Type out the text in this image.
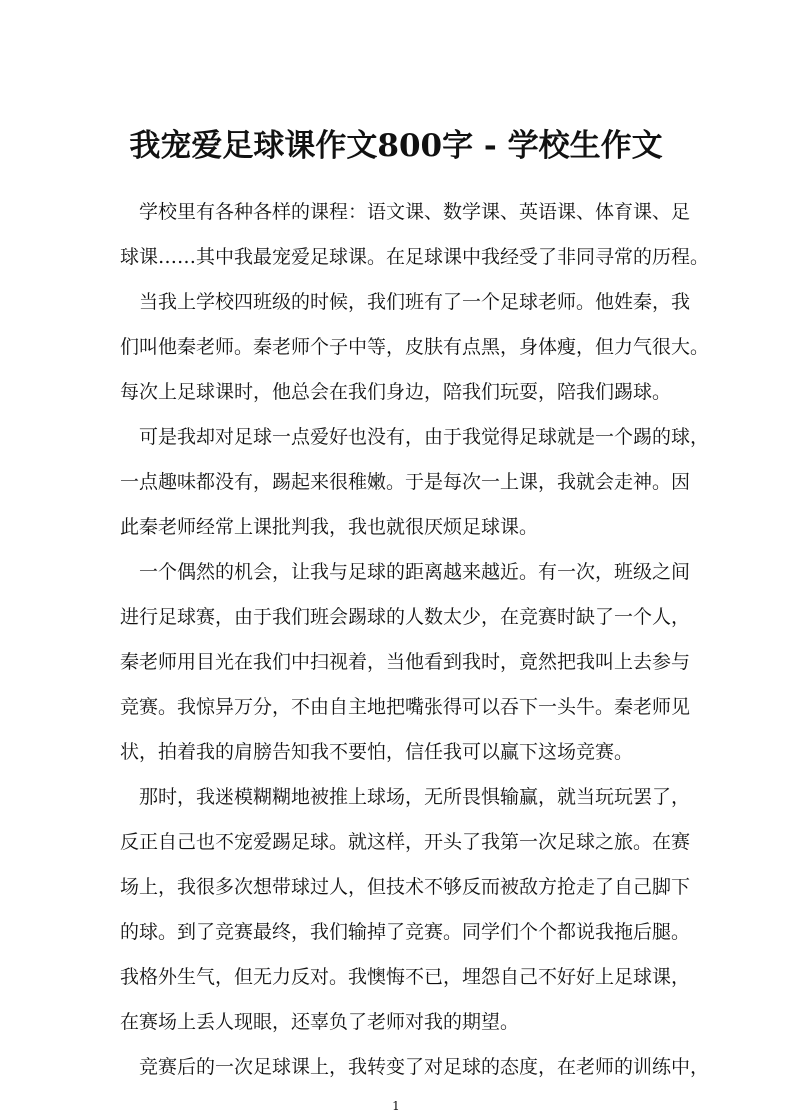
我宠爱足球课作文800字 - 学校生作文
学校里有各种各样的课程：语文课、数学课、英语课、体育课、足
球课……其中我最宠爱足球课。在足球课中我经受了非同寻常的历程。
当我上学校四班级的时候，我们班有了一个足球老师。他姓秦，我
们叫他秦老师。秦老师个子中等，皮肤有点黑，身体瘦，但力气很大。
每次上足球课时，他总会在我们身边，陪我们玩耍，陪我们踢球。
可是我却对足球一点爱好也没有，由于我觉得足球就是一个踢的球，
一点趣味都没有，踢起来很稚嫩。于是每次一上课，我就会走神。因
此秦老师经常上课批判我，我也就很厌烦足球课。
一个偶然的机会，让我与足球的距离越来越近。有一次，班级之间
进行足球赛，由于我们班会踢球的人数太少，在竞赛时缺了一个人，
秦老师用目光在我们中扫视着，当他看到我时，竟然把我叫上去参与
竞赛。我惊异万分，不由自主地把嘴张得可以吞下一头牛。秦老师见
状，拍着我的肩膀告知我不要怕，信任我可以赢下这场竞赛。
那时，我迷模糊糊地被推上球场，无所畏惧输赢，就当玩玩罢了，
反正自己也不宠爱踢足球。就这样，开头了我第一次足球之旅。在赛
场上，我很多次想带球过人，但技术不够反而被敌方抢走了自己脚下
的球。到了竞赛最终，我们输掉了竞赛。同学们个个都说我拖后腿。
我格外生气，但无力反对。我懊悔不已，埋怨自己不好好上足球课，
在赛场上丢人现眼，还辜负了老师对我的期望。
竞赛后的一次足球课上，我转变了对足球的态度，在老师的训练中，
1
